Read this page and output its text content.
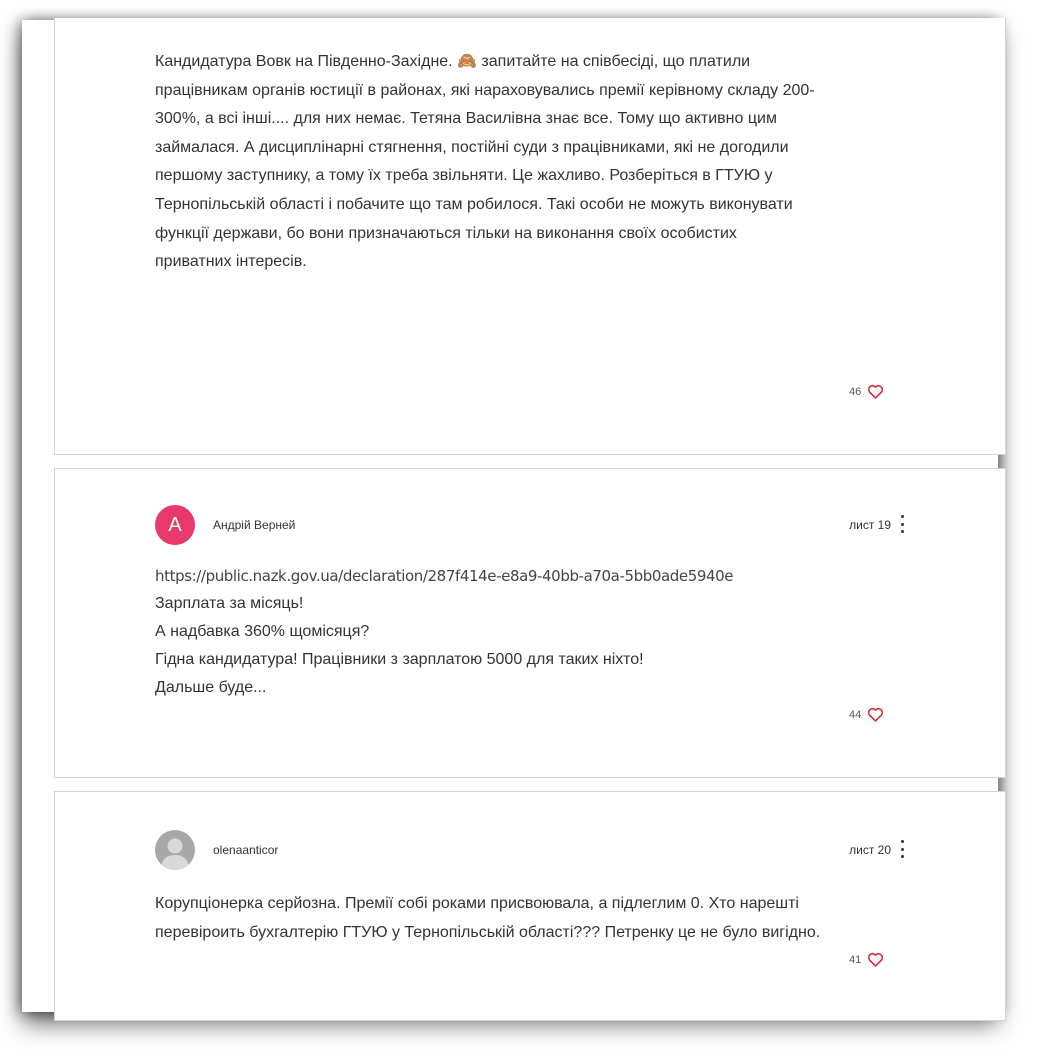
Кандидатура Вовк на Південно-Західне. 🙈 запитайте на співбесіді, що платили
працівникам органів юстиції в районах, які нараховувались премії керівному складу 200-
300%, а всі інші.... для них немає. Тетяна Василівна знає все. Тому що активно цим
займалася. А дисциплінарні стягнення, постійні суди з працівниками, які не догодили
першому заступнику, а тому їх треба звільняти. Це жахливо. Розберіться в ГТУЮ у
Тернопільській області і побачите що там робилося. Такі особи не можуть виконувати
функції держави, бо вони призначаються тільки на виконання своїх особистих
приватних інтересів.
46
A	Андрій Верней	лист 19
https://public.nazk.gov.ua/declaration/287f414e-e8a9-40bb-a70a-5bb0ade5940e
Зарплата за місяць!
А надбавка 360% щомісяця?
Гідна кандидатура! Працівники з зарплатою 5000 для таких ніхто!
Дальше буде...
44
olenaanticor	лист 20
Корупціонерка серйозна. Премії собі роками присвоювала, а підлеглим 0. Хто нарешті
перевіроить бухгалтерію ГТУЮ у Тернопільській області??? Петренку це не було вигідно.
41
